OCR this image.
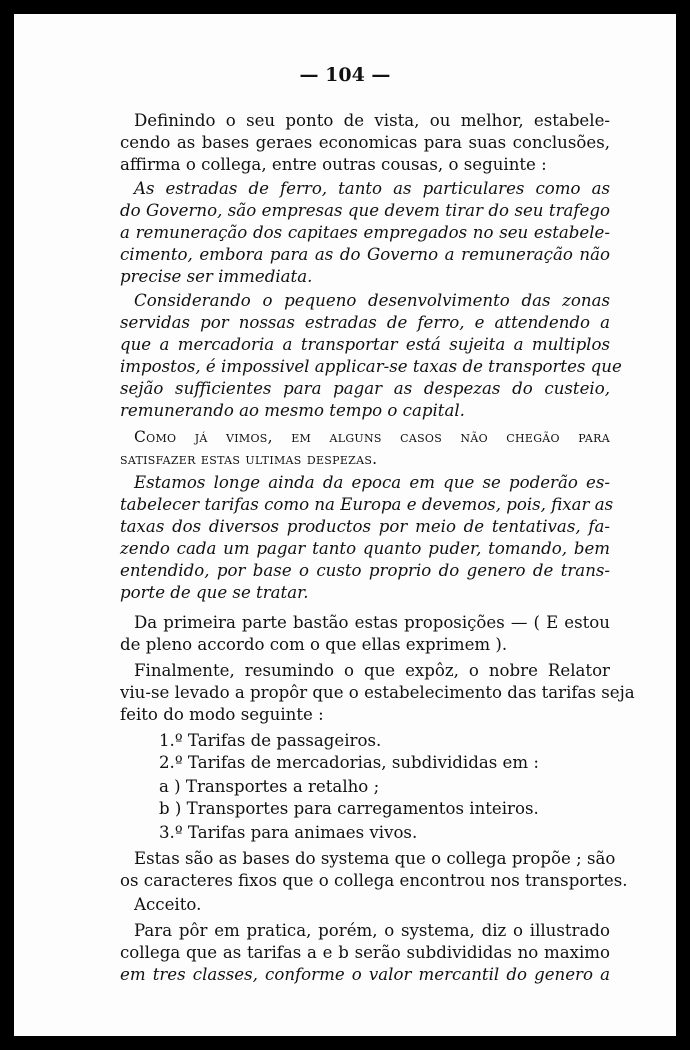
— 104 —
Definindo o seu ponto de vista, ou melhor, estabele-
cendo as bases geraes economicas para suas conclusões,
affirma o collega, entre outras cousas, o seguinte :
As estradas de ferro, tanto as particulares como as
do Governo, são empresas que devem tirar do seu trafego
a remuneração dos capitaes empregados no seu estabele-
cimento, embora para as do Governo a remuneração não
precise ser immediata.
Considerando o pequeno desenvolvimento das zonas
servidas por nossas estradas de ferro, e attendendo a
que a mercadoria a transportar está sujeita a multiplos
impostos, é impossivel applicar-se taxas de transportes que
sejão sufficientes para pagar as despezas do custeio,
remunerando ao mesmo tempo o capital.
Como já vimos, em alguns casos não chegão para
satisfazer estas ultimas despezas.
Estamos longe ainda da epoca em que se poderão es-
tabelecer tarifas como na Europa e devemos, pois, fixar as
taxas dos diversos productos por meio de tentativas, fa-
zendo cada um pagar tanto quanto puder, tomando, bem
entendido, por base o custo proprio do genero de trans-
porte de que se tratar.
Da primeira parte bastão estas proposições — ( E estou
de pleno accordo com o que ellas exprimem ).
Finalmente, resumindo o que expôz, o nobre Relator
viu-se levado a propôr que o estabelecimento das tarifas seja
feito do modo seguinte :
1.º Tarifas de passageiros.
2.º Tarifas de mercadorias, subdivididas em :
a ) Transportes a retalho ;
b ) Transportes para carregamentos inteiros.
3.º Tarifas para animaes vivos.
Estas são as bases do systema que o collega propõe ; são
os caracteres fixos que o collega encontrou nos transportes.
Acceito.
Para pôr em pratica, porém, o systema, diz o illustrado
collega que as tarifas a e b serão subdivididas no maximo
em tres classes, conforme o valor mercantil do genero a
